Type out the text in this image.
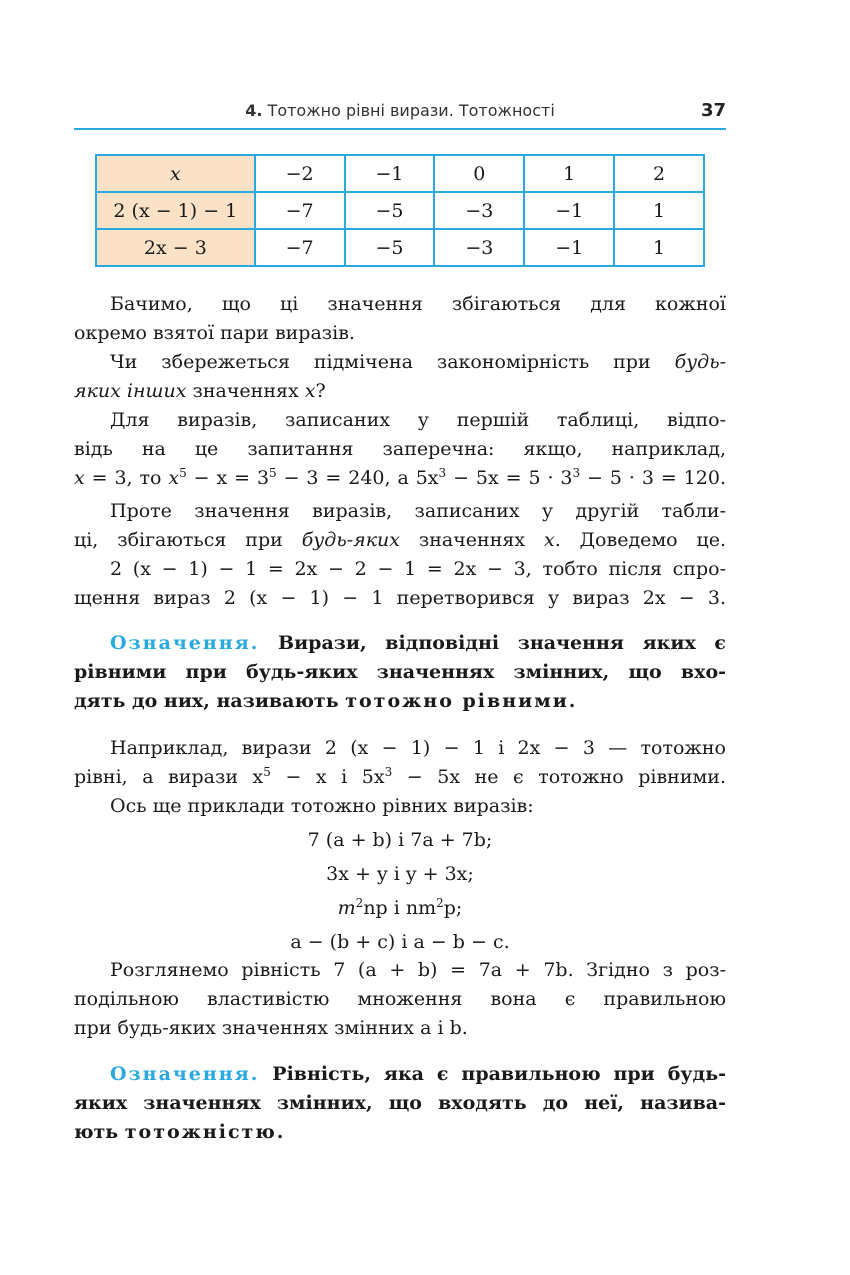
4. Тотожно рівні вирази. Тотожності	37
x	−2	−1	0	1	2
2 (x − 1) − 1	−7	−5	−3	−1	1
2x − 3	−7	−5	−3	−1	1
Бачимо, що ці значення збігаються для кожної
окремо взятої пари виразів.
Чи збережеться підмічена закономірність при будь-
яких інших значеннях x?
Для виразів, записаних у першій таблиці, відпо-
відь на це запитання заперечна: якщо, наприклад,
x = 3, то $x^5 - x = 3^5 - 3 = 240$, а $5x^3 - 5x = 5 \cdot 3^3 - 5 \cdot 3 = 120$.
Проте значення виразів, записаних у другій табли-
ці, збігаються при будь-яких значеннях x. Доведемо це.
2 (x − 1) − 1 = 2x − 2 − 1 = 2x − 3, тобто після спро-
щення вираз 2 (x − 1) − 1 перетворився у вираз 2x − 3.
Означення. Вирази, відповідні значення яких є
рівними при будь-яких значеннях змінних, що вхо-
дять до них, називають тотожно рівними.
Наприклад, вирази 2 (x − 1) − 1 і 2x − 3 — тотожно
рівні, а вирази $x^5 - x$ і $5x^3 - 5x$ не є тотожно рівними.
Ось ще приклади тотожно рівних виразів:
7 (a + b) і 7a + 7b;
3x + y і y + 3x;
$m^2np$ і $nm^2p$;
a − (b + c) і a − b − c.
Розглянемо рівність 7 (a + b) = 7a + 7b. Згідно з роз-
подільною властивістю множення вона є правильною
при будь-яких значеннях змінних a і b.
Означення. Рівність, яка є правильною при будь-
яких значеннях змінних, що входять до неї, назива-
ють тотожністю.
